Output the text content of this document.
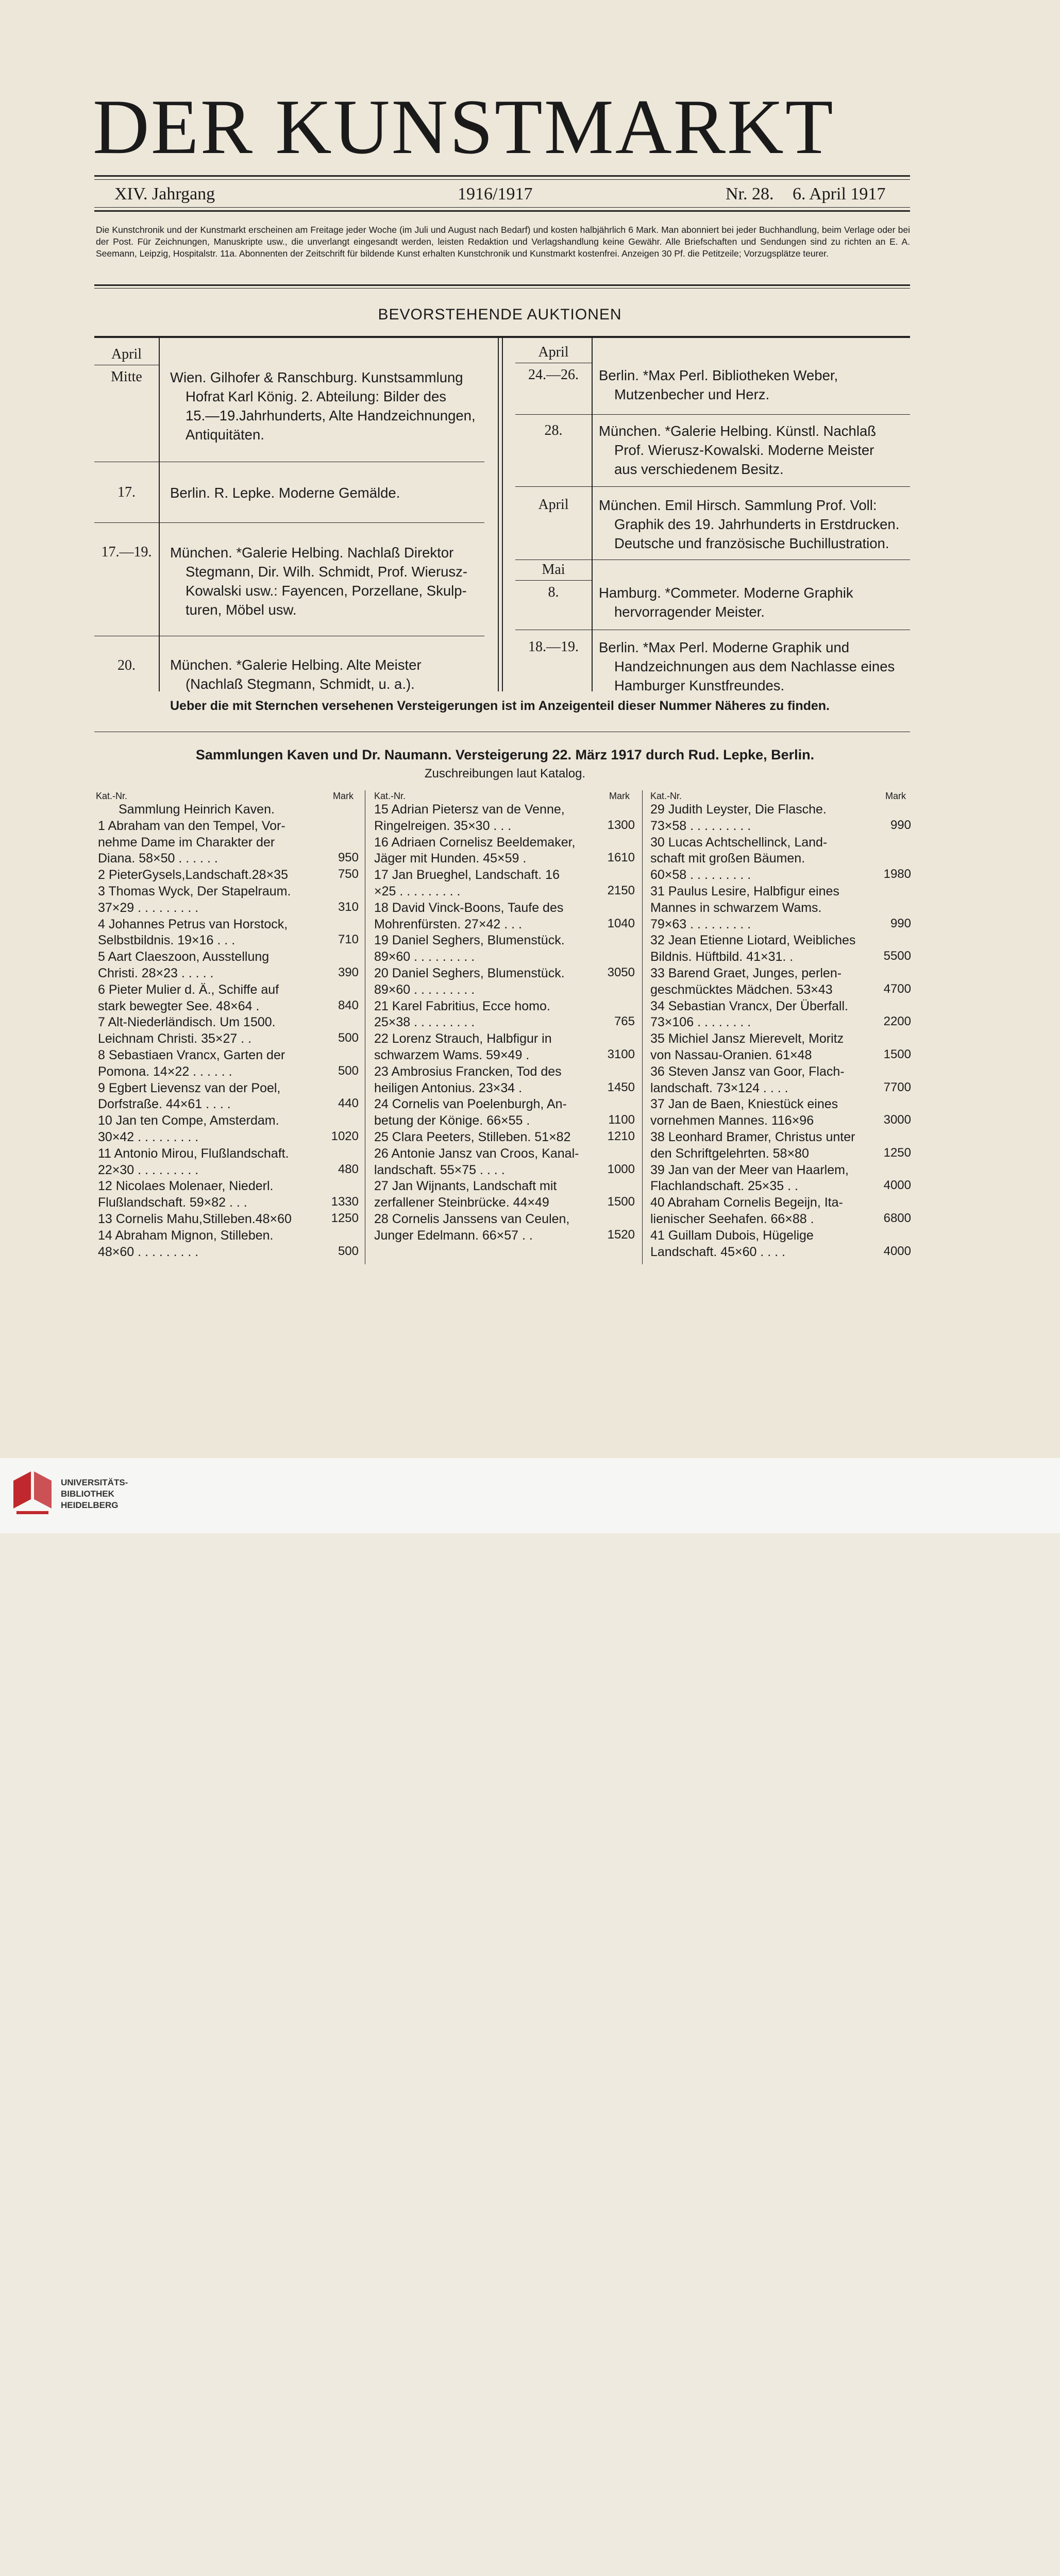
DER KUNSTMARKT
XIV. Jahrgang	1916/1917	Nr. 28. 6. April 1917
Die Kunstchronik und der Kunstmarkt erscheinen am Freitage jeder Woche (im Juli und August nach Bedarf) und kosten halbjährlich 6 Mark. Man abonniert bei jeder Buchhandlung, beim Verlage oder bei der Post. Für Zeichnungen, Manuskripte usw., die unverlangt eingesandt werden, leisten Redaktion und Verlagshandlung keine Gewähr. Alle Briefschaften und Sendungen sind zu richten an E. A. Seemann, Leipzig, Hospitalstr. 11a. Abonnenten der Zeitschrift für bildende Kunst erhalten Kunstchronik und Kunstmarkt kostenfrei. Anzeigen 30 Pf. die Petitzeile; Vorzugsplätze teurer.
BEVORSTEHENDE AUKTIONEN
April
Mitte	Wien. Gilhofer & Ranschburg. Kunstsammlung
Hofrat Karl König. 2. Abteilung: Bilder des
15.—19.Jahrhunderts, Alte Handzeichnungen,
Antiquitäten.
17.	Berlin. R. Lepke. Moderne Gemälde.
17.—19.	München. *Galerie Helbing. Nachlaß Direktor
Stegmann, Dir. Wilh. Schmidt, Prof. Wierusz-
Kowalski usw.: Fayencen, Porzellane, Skulp-
turen, Möbel usw.
20.	München. *Galerie Helbing. Alte Meister
(Nachlaß Stegmann, Schmidt, u. a.).
April
24.—26.	Berlin. *Max Perl. Bibliotheken Weber,
Mutzenbecher und Herz.
28.	München. *Galerie Helbing. Künstl. Nachlaß
Prof. Wierusz-Kowalski. Moderne Meister
aus verschiedenem Besitz.
April	München. Emil Hirsch. Sammlung Prof. Voll:
Graphik des 19. Jahrhunderts in Erstdrucken.
Deutsche und französische Buchillustration.
Mai
8.	Hamburg. *Commeter. Moderne Graphik
hervorragender Meister.
18.—19.	Berlin. *Max Perl. Moderne Graphik und
Handzeichnungen aus dem Nachlasse eines
Hamburger Kunstfreundes.
Ueber die mit Sternchen versehenen Versteigerungen ist im Anzeigenteil dieser Nummer Näheres zu finden.
Sammlungen Kaven und Dr. Naumann. Versteigerung 22. März 1917 durch Rud. Lepke, Berlin.
Zuschreibungen laut Katalog.
Kat.-Nr.	Mark Kat.-Nr.	Mark Kat.-Nr.	Mark
Sammlung Heinrich Kaven.
1 Abraham van den Tempel, Vor-
nehme Dame im Charakter der
Diana. 58×50 . . . . . .	950
2 PieterGysels,Landschaft.28×35	750
3 Thomas Wyck, Der Stapelraum.
37×29 . . . . . . . . .	310
4 Johannes Petrus van Horstock,
Selbstbildnis. 19×16 . . .	710
5 Aart Claeszoon, Ausstellung
Christi. 28×23 . . . . .	390
6 Pieter Mulier d. Ä., Schiffe auf
stark bewegter See. 48×64 .	840
7 Alt-Niederländisch. Um 1500.
Leichnam Christi. 35×27 . .	500
8 Sebastiaen Vrancx, Garten der
Pomona. 14×22 . . . . . .	500
9 Egbert Lievensz van der Poel,
Dorfstraße. 44×61 . . . .	440
10 Jan ten Compe, Amsterdam.
30×42 . . . . . . . . .	1020
11 Antonio Mirou, Flußlandschaft.
22×30 . . . . . . . . .	480
12 Nicolaes Molenaer, Niederl.
Flußlandschaft. 59×82 . . .	1330
13 Cornelis Mahu,Stilleben.48×60	1250
14 Abraham Mignon, Stilleben.
48×60 . . . . . . . . .	500
15 Adrian Pietersz van de Venne,
Ringelreigen. 35×30 . . .	1300
16 Adriaen Cornelisz Beeldemaker,
Jäger mit Hunden. 45×59 .	1610
17 Jan Brueghel, Landschaft. 16
×25 . . . . . . . . .	2150
18 David Vinck-Boons, Taufe des
Mohrenfürsten. 27×42 . . .	1040
19 Daniel Seghers, Blumenstück.
89×60 . . . . . . . . .
20 Daniel Seghers, Blumenstück.	3050
89×60 . . . . . . . . .
21 Karel Fabritius, Ecce homo.
25×38 . . . . . . . . .	765
22 Lorenz Strauch, Halbfigur in
schwarzem Wams. 59×49 .	3100
23 Ambrosius Francken, Tod des
heiligen Antonius. 23×34 .	1450
24 Cornelis van Poelenburgh, An-
betung der Könige. 66×55 .	1100
25 Clara Peeters, Stilleben. 51×82	1210
26 Antonie Jansz van Croos, Kanal-
landschaft. 55×75 . . . .	1000
27 Jan Wijnants, Landschaft mit
zerfallener Steinbrücke. 44×49	1500
28 Cornelis Janssens van Ceulen,
Junger Edelmann. 66×57 . .	1520
29 Judith Leyster, Die Flasche.
73×58 . . . . . . . . .	990
30 Lucas Achtschellinck, Land-
schaft mit großen Bäumen.
60×58 . . . . . . . . .	1980
31 Paulus Lesire, Halbfigur eines
Mannes in schwarzem Wams.
79×63 . . . . . . . . .	990
32 Jean Etienne Liotard, Weibliches
Bildnis. Hüftbild. 41×31. .	5500
33 Barend Graet, Junges, perlen-
geschmücktes Mädchen. 53×43	4700
34 Sebastian Vrancx, Der Überfall.
73×106 . . . . . . . .	2200
35 Michiel Jansz Mierevelt, Moritz
von Nassau-Oranien. 61×48	1500
36 Steven Jansz van Goor, Flach-
landschaft. 73×124 . . . .	7700
37 Jan de Baen, Kniestück eines
vornehmen Mannes. 116×96	3000
38 Leonhard Bramer, Christus unter
den Schriftgelehrten. 58×80	1250
39 Jan van der Meer van Haarlem,
Flachlandschaft. 25×35 . .	4000
40 Abraham Cornelis Begeijn, Ita-
lienischer Seehafen. 66×88 .	6800
41 Guillam Dubois, Hügelige
Landschaft. 45×60 . . . .	4000
UNIVERSITÄTS-
BIBLIOTHEK
HEIDELBERG
